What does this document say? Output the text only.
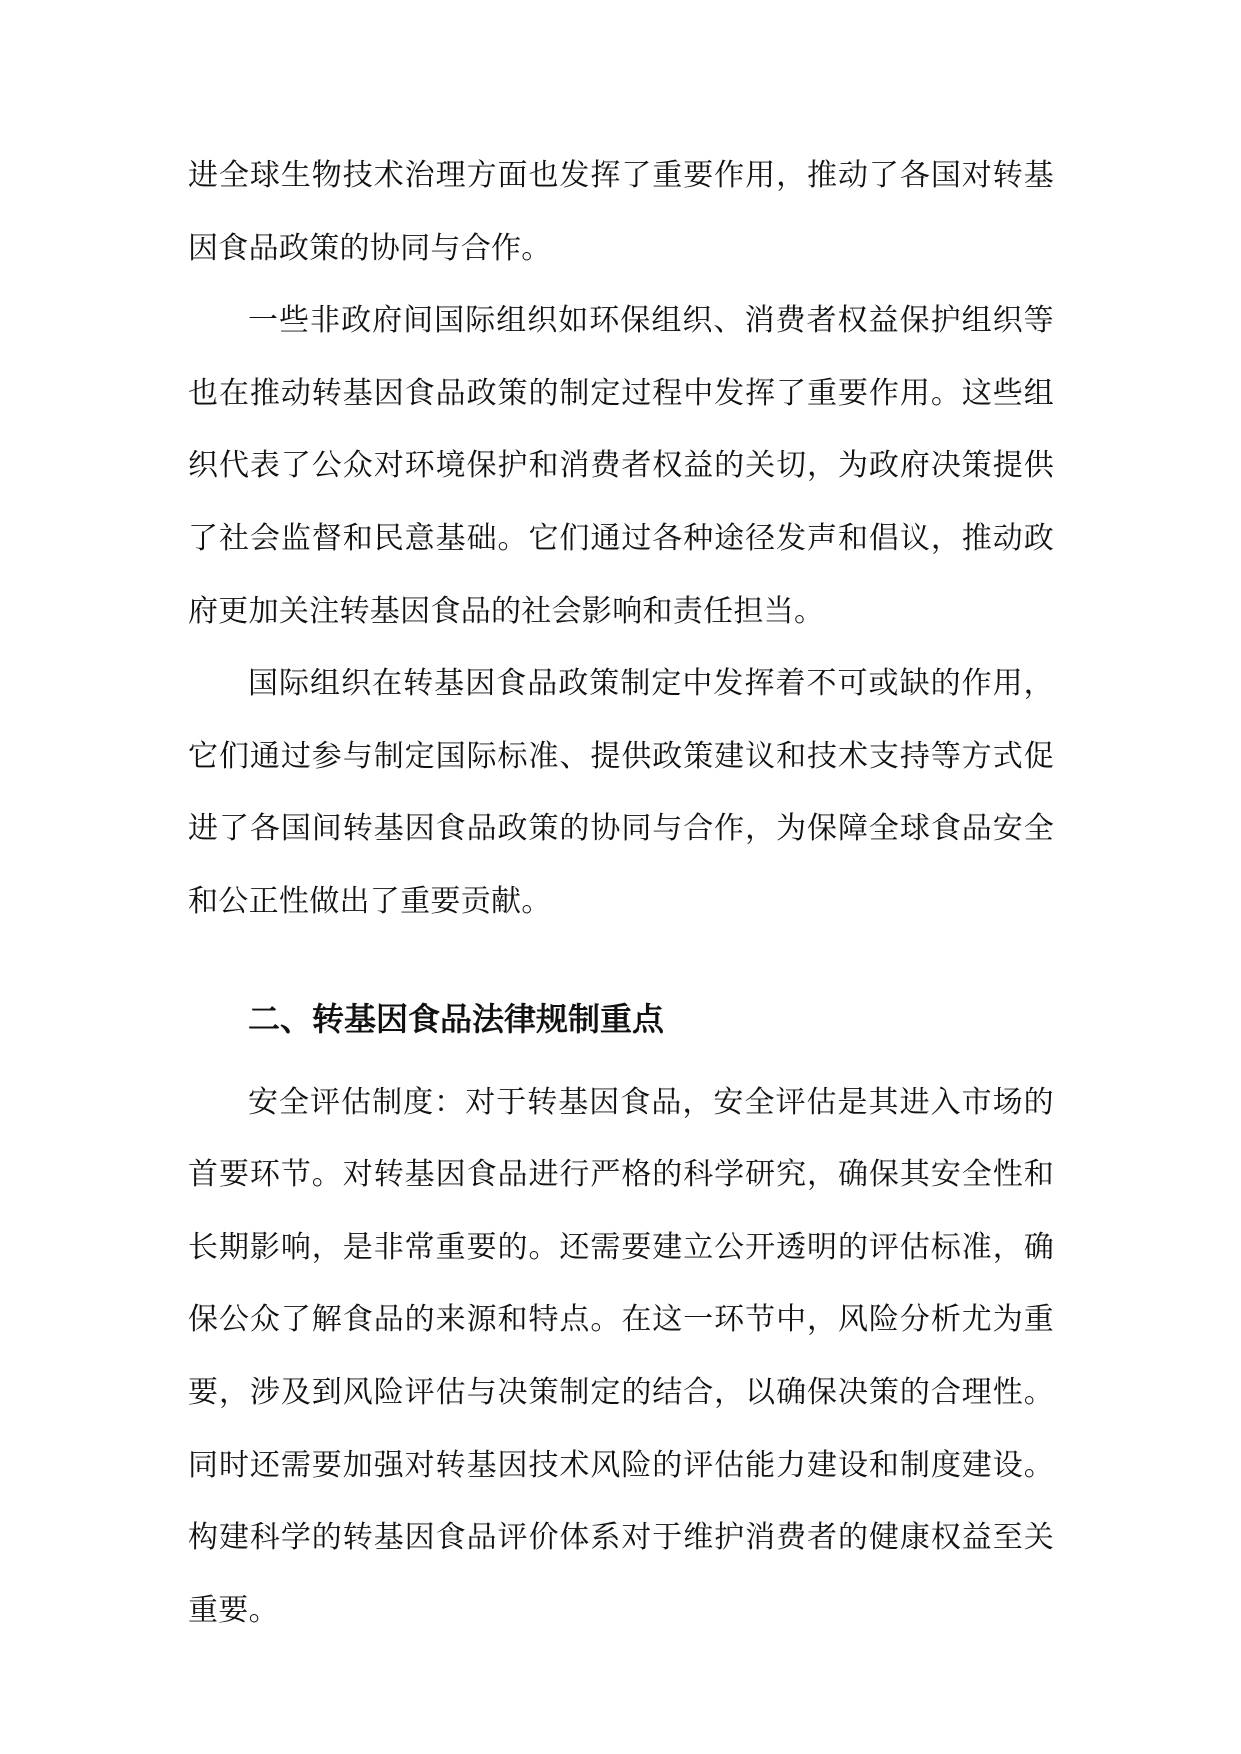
进全球生物技术治理方面也发挥了重要作用，推动了各国对转基因食品政策的协同与合作。

一些非政府间国际组织如环保组织、消费者权益保护组织等也在推动转基因食品政策的制定过程中发挥了重要作用。这些组织代表了公众对环境保护和消费者权益的关切，为政府决策提供了社会监督和民意基础。它们通过各种途径发声和倡议，推动政府更加关注转基因食品的社会影响和责任担当。

国际组织在转基因食品政策制定中发挥着不可或缺的作用，它们通过参与制定国际标准、提供政策建议和技术支持等方式促进了各国间转基因食品政策的协同与合作，为保障全球食品安全和公正性做出了重要贡献。

二、转基因食品法律规制重点

安全评估制度：对于转基因食品，安全评估是其进入市场的首要环节。对转基因食品进行严格的科学研究，确保其安全性和长期影响，是非常重要的。还需要建立公开透明的评估标准，确保公众了解食品的来源和特点。在这一环节中，风险分析尤为重要，涉及到风险评估与决策制定的结合，以确保决策的合理性。同时还需要加强对转基因技术风险的评估能力建设和制度建设。构建科学的转基因食品评价体系对于维护消费者的健康权益至关重要。
